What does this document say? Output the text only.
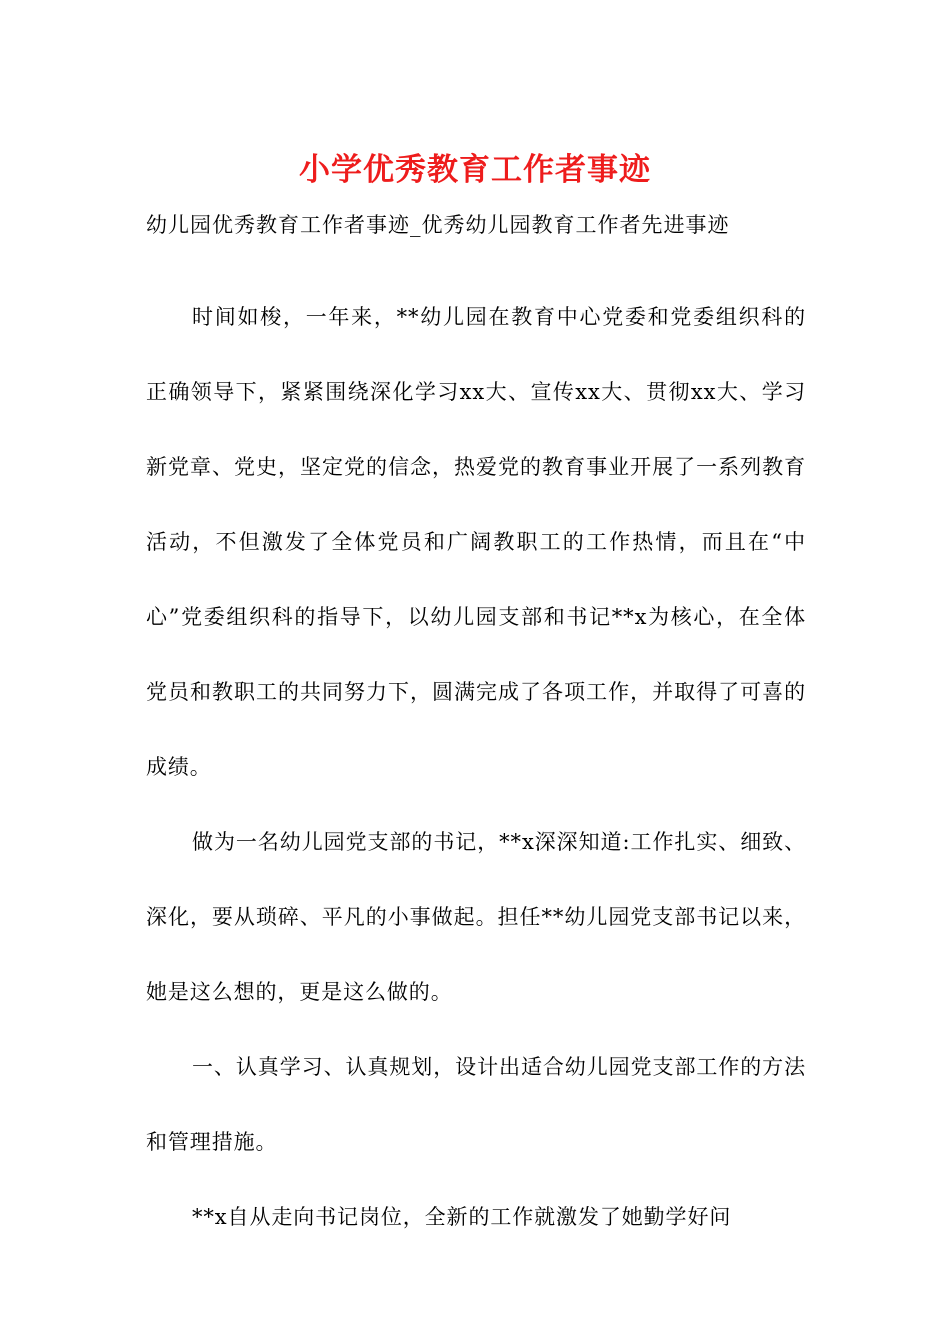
小学优秀教育工作者事迹
幼儿园优秀教育工作者事迹_优秀幼儿园教育工作者先进事迹

时间如梭，一年来，**幼儿园在教育中心党委和党委组织科的正确领导下，紧紧围绕深化学习xx大、宣传xx大、贯彻xx大、学习新党章、党史，坚定党的信念，热爱党的教育事业开展了一系列教育活动，不但激发了全体党员和广阔教职工的工作热情，而且在“中心”党委组织科的指导下，以幼儿园支部和书记**x为核心，在全体党员和教职工的共同努力下，圆满完成了各项工作，并取得了可喜的成绩。

做为一名幼儿园党支部的书记，**x深深知道:工作扎实、细致、深化，要从琐碎、平凡的小事做起。担任**幼儿园党支部书记以来，她是这么想的，更是这么做的。

一、认真学习、认真规划，设计出适合幼儿园党支部工作的方法和管理措施。

**x自从走向书记岗位，全新的工作就激发了她勤学好问
